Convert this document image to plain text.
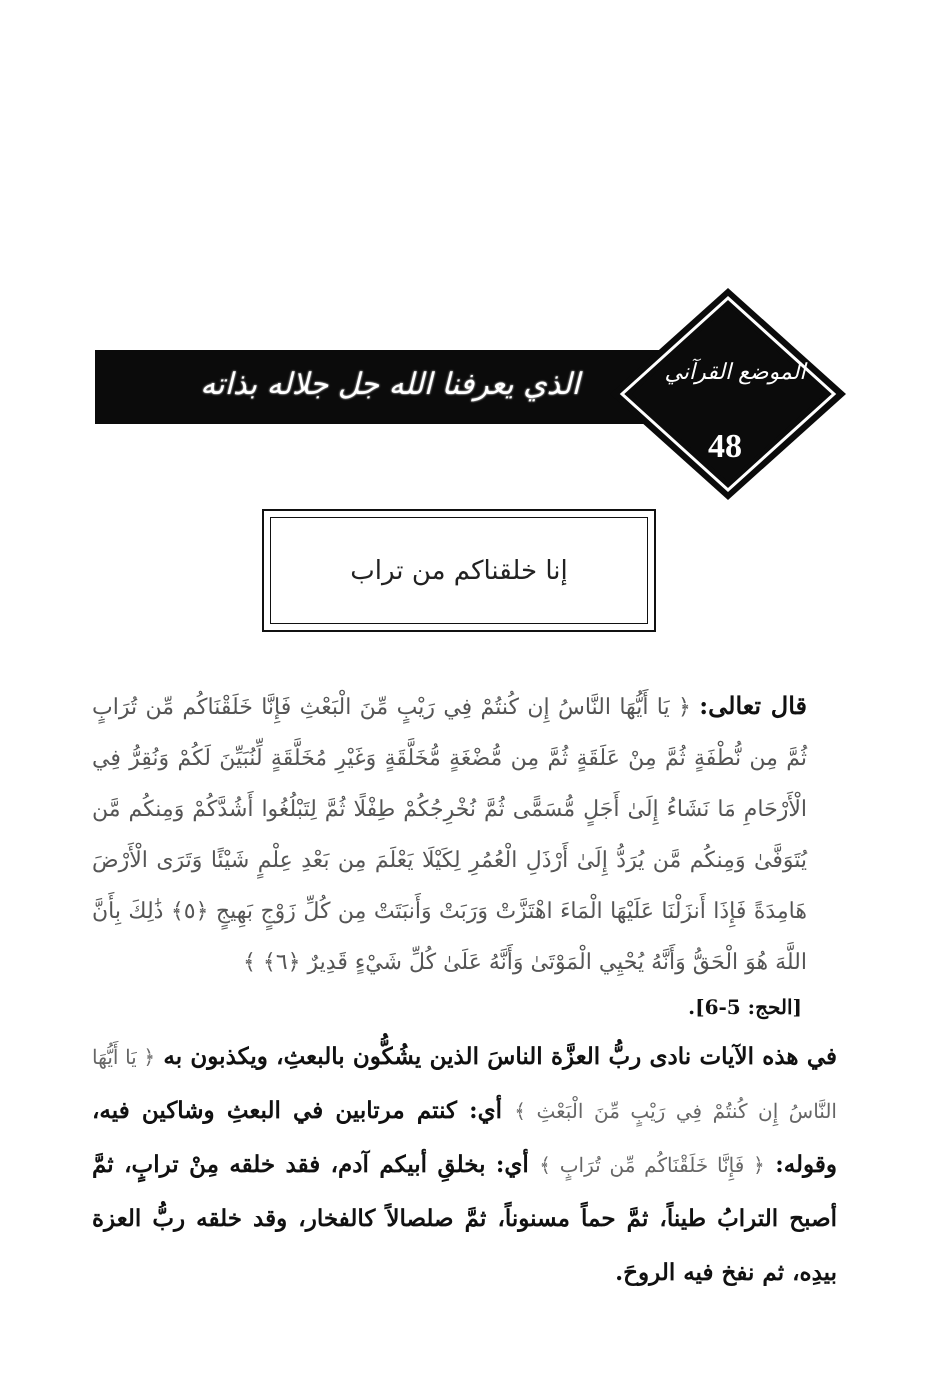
الذي يعرفنا الله جل جلاله بذاته	الموضع القرآني
48
إنا خلقناكم من تراب
قال تعالى: ﴿ يَا أَيُّهَا النَّاسُ إِن كُنتُمْ فِي رَيْبٍ مِّنَ الْبَعْثِ فَإِنَّا خَلَقْنَاكُم مِّن تُرَابٍ ثُمَّ مِن نُّطْفَةٍ ثُمَّ مِنْ عَلَقَةٍ ثُمَّ مِن مُّضْغَةٍ مُّخَلَّقَةٍ وَغَيْرِ مُخَلَّقَةٍ لِّنُبَيِّنَ لَكُمْ وَنُقِرُّ فِي الْأَرْحَامِ مَا نَشَاءُ إِلَىٰ أَجَلٍ مُّسَمًّى ثُمَّ نُخْرِجُكُمْ طِفْلًا ثُمَّ لِتَبْلُغُوا أَشُدَّكُمْ وَمِنكُم مَّن يُتَوَفَّىٰ وَمِنكُم مَّن يُرَدُّ إِلَىٰ أَرْذَلِ الْعُمُرِ لِكَيْلَا يَعْلَمَ مِن بَعْدِ عِلْمٍ شَيْئًا وَتَرَى الْأَرْضَ هَامِدَةً فَإِذَا أَنزَلْنَا عَلَيْهَا الْمَاءَ اهْتَزَّتْ وَرَبَتْ وَأَنبَتَتْ مِن كُلِّ زَوْجٍ بَهِيجٍ ﴿٥﴾ ذَٰلِكَ بِأَنَّ اللَّهَ هُوَ الْحَقُّ وَأَنَّهُ يُحْيِي الْمَوْتَىٰ وَأَنَّهُ عَلَىٰ كُلِّ شَيْءٍ قَدِيرٌ ﴿٦﴾ ﴾
[الحج: 5-6].
في هذه الآيات نادى ربُّ العزَّة الناسَ الذين يشُكُّون بالبعثِ، ويكذبون به ﴿ يَا أَيُّهَا النَّاسُ إِن كُنتُمْ فِي رَيْبٍ مِّنَ الْبَعْثِ ﴾ أي: كنتم مرتابين في البعثِ وشاكين فيه، وقوله: ﴿ فَإِنَّا خَلَقْنَاكُم مِّن تُرَابٍ ﴾ أي: بخلقِ أبيكم آدم، فقد خلقه مِنْ ترابٍ، ثمَّ أصبح الترابُ طيناً، ثمَّ حماً مسنوناً، ثمَّ صلصالاً كالفخار، وقد خلقه ربُّ العزة بيدِه، ثم نفخ فيه الروحَ.
